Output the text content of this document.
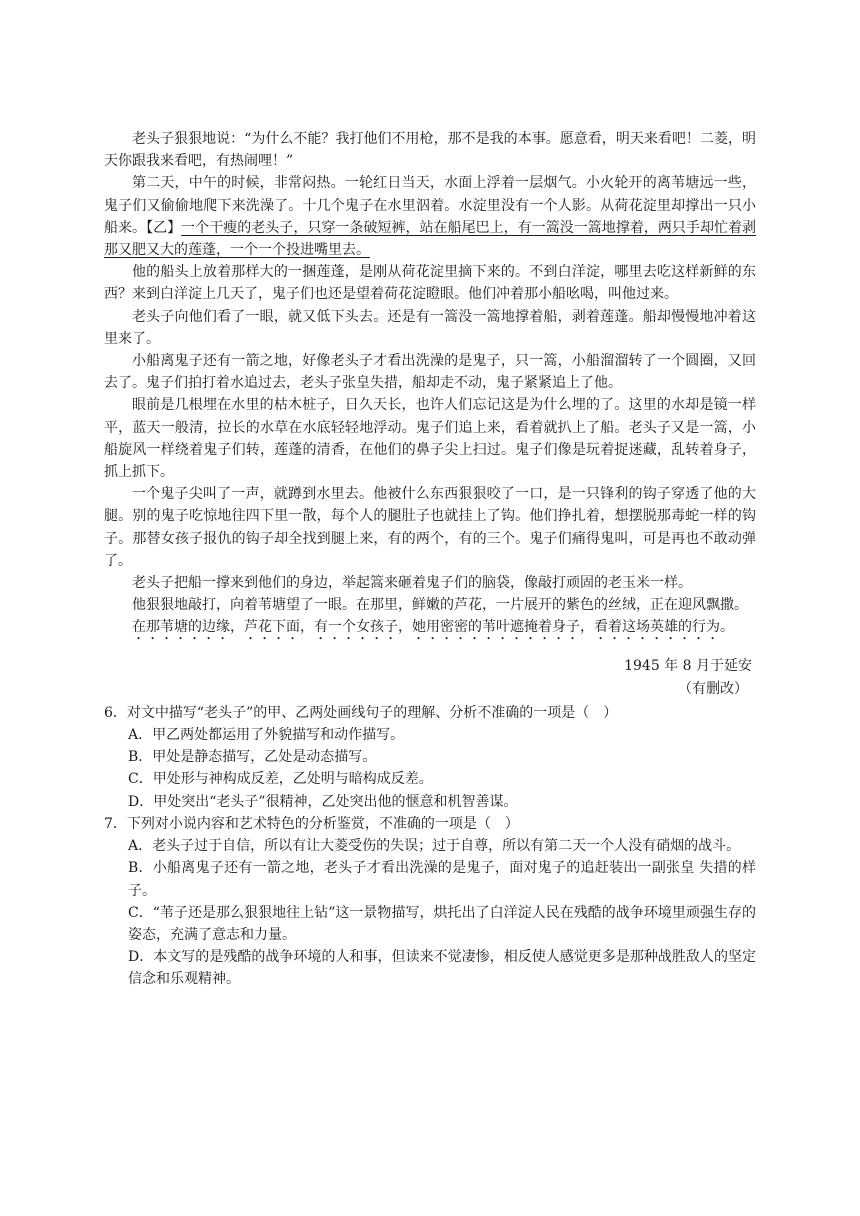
老头子狠狠地说：“为什么不能？我打他们不用枪，那不是我的本事。愿意看，明天来看吧！二菱，明天你跟我来看吧，有热闹哩！”

第二天，中午的时候，非常闷热。一轮红日当天，水面上浮着一层烟气。小火轮开的离苇塘远一些，鬼子们又偷偷地爬下来洗澡了。十几个鬼子在水里泅着。水淀里没有一个人影。从荷花淀里却撑出一只小船来。【乙】一个干瘦的老头子，只穿一条破短裤，站在船尾巴上，有一篙没一篙地撑着，两只手却忙着剥那又肥又大的莲蓬，一个一个投进嘴里去。

他的船头上放着那样大的一捆莲蓬，是刚从荷花淀里摘下来的。不到白洋淀，哪里去吃这样新鲜的东西？来到白洋淀上几天了，鬼子们也还是望着荷花淀瞪眼。他们冲着那小船吆喝，叫他过来。

老头子向他们看了一眼，就又低下头去。还是有一篙没一篙地撑着船，剥着莲蓬。船却慢慢地冲着这里来了。

小船离鬼子还有一箭之地，好像老头子才看出洗澡的是鬼子，只一篙，小船溜溜转了一个圆圈，又回去了。鬼子们拍打着水追过去，老头子张皇失措，船却走不动，鬼子紧紧追上了他。

眼前是几根埋在水里的枯木桩子，日久天长，也许人们忘记这是为什么埋的了。这里的水却是镜一样平，蓝天一般清，拉长的水草在水底轻轻地浮动。鬼子们追上来，看着就扒上了船。老头子又是一篙，小船旋风一样绕着鬼子们转，莲蓬的清香，在他们的鼻子尖上扫过。鬼子们像是玩着捉迷藏，乱转着身子，抓上抓下。

一个鬼子尖叫了一声，就蹲到水里去。他被什么东西狠狠咬了一口，是一只锋利的钩子穿透了他的大腿。别的鬼子吃惊地往四下里一散，每个人的腿肚子也就挂上了钩。他们挣扎着，想摆脱那毒蛇一样的钩子。那替女孩子报仇的钩子却全找到腿上来，有的两个，有的三个。鬼子们痛得鬼叫，可是再也不敢动弹了。

老头子把船一撑来到他们的身边，举起篙来砸着鬼子们的脑袋，像敲打顽固的老玉米一样。

他狠狠地敲打，向着苇塘望了一眼。在那里，鲜嫩的芦花，一片展开的紫色的丝绒，正在迎风飘撒。

在那苇塘的边缘，芦花下面，有一个女孩子，她用密密的苇叶遮掩着身子，看着这场英雄的行为。

1945 年 8 月于延安

（有删改）

6．对文中描写“老头子”的甲、乙两处画线句子的理解、分析不准确的一项是（　）

A．甲乙两处都运用了外貌描写和动作描写。

B．甲处是静态描写，乙处是动态描写。

C．甲处形与神构成反差，乙处明与暗构成反差。

D．甲处突出“老头子”很精神，乙处突出他的惬意和机智善谋。

7．下列对小说内容和艺术特色的分析鉴赏，不准确的一项是（　）

A．老头子过于自信，所以有让大菱受伤的失误；过于自尊，所以有第二天一个人没有硝烟的战斗。

B．小船离鬼子还有一箭之地，老头子才看出洗澡的是鬼子，面对鬼子的追赶装出一副张皇 失措的样子。

C．“苇子还是那么狠狠地往上钻”这一景物描写，烘托出了白洋淀人民在残酷的战争环境里顽强生存的姿态，充满了意志和力量。

D．本文写的是残酷的战争环境的人和事，但读来不觉凄惨，相反使人感觉更多是那种战胜敌人的坚定信念和乐观精神。
